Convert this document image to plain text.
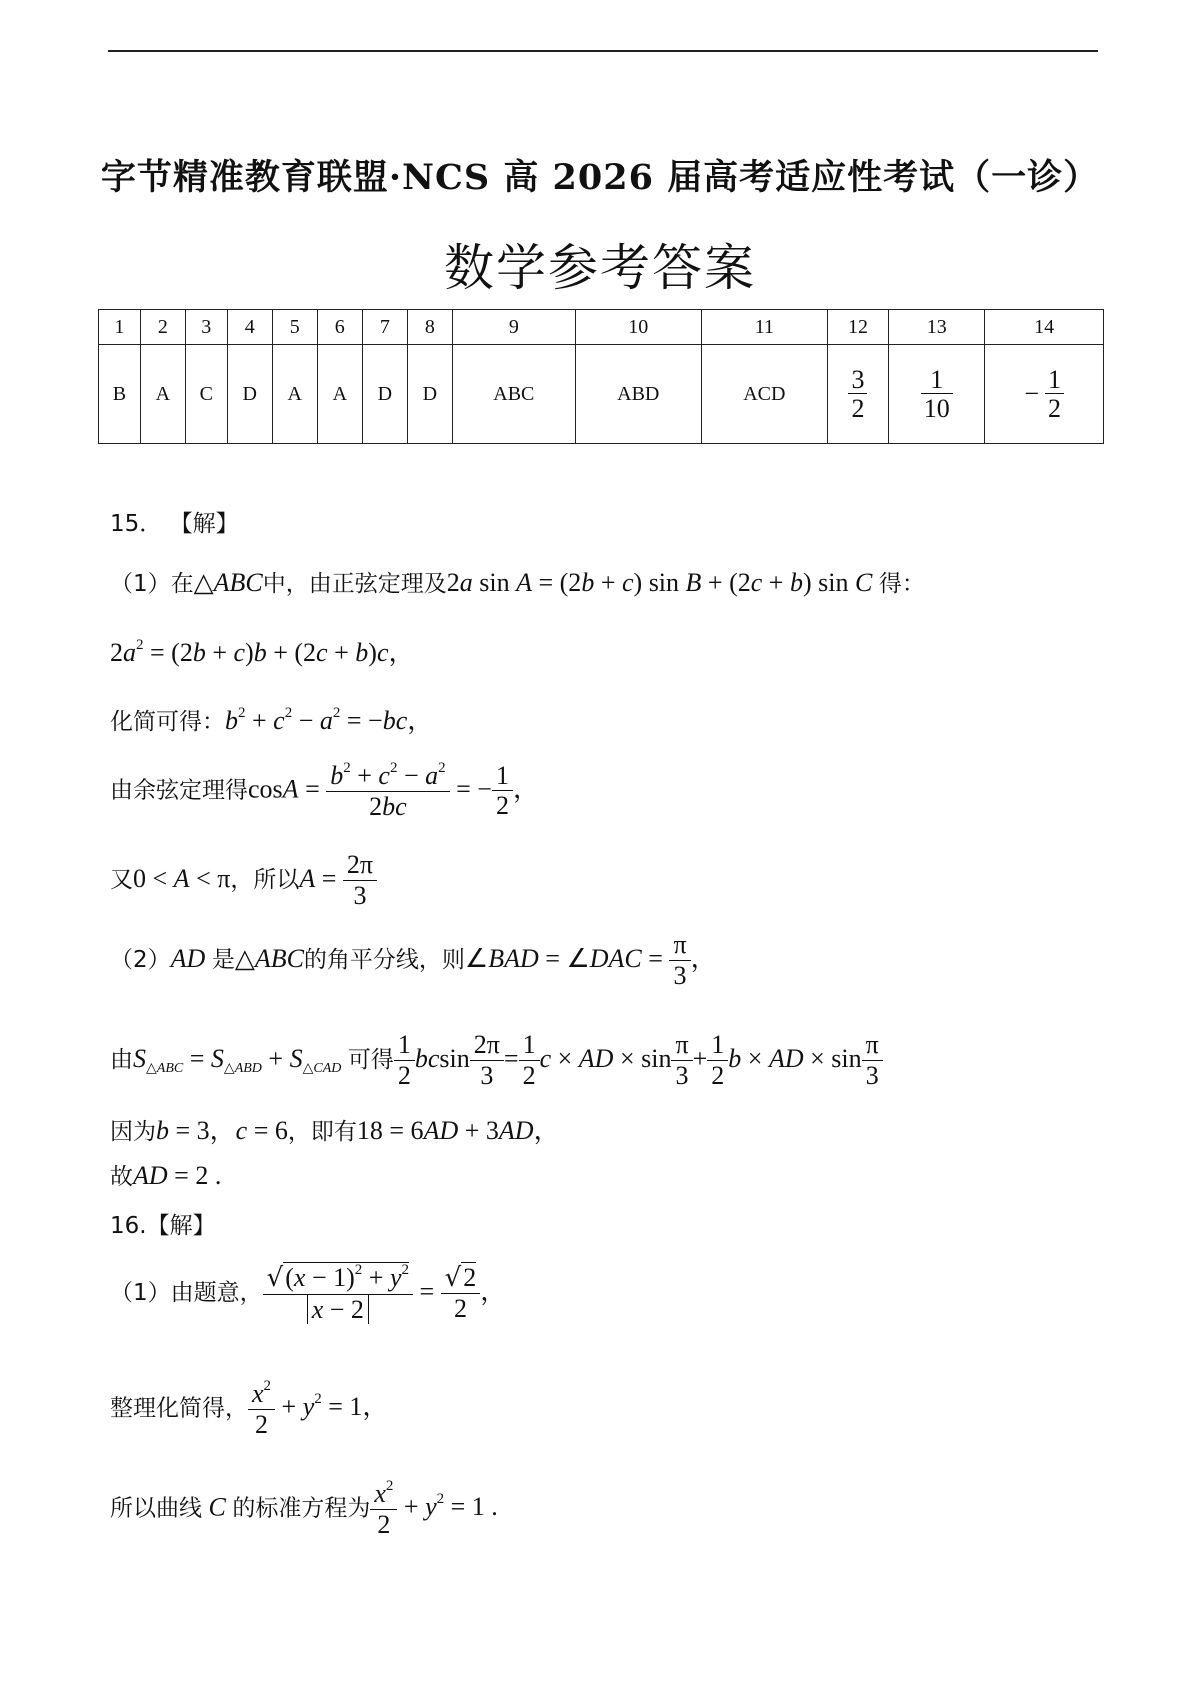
字节精准教育联盟·NCS 高 2026 届高考适应性考试（一诊）
数学参考答案
1	2	3	4	5	6	7	8	9	10	11	12	13	14
B	A	C	D	A	A	D	D	ABC	ABD	ACD	$\frac{3}{2}$	$\frac{1}{10}$	− $\frac{1}{2}$
15． 【解】
（1）在△ABC中，由正弦定理及2a sin A = (2b + c) sin B + (2c + b) sin C 得：
$2a^2 = (2b + c)b + (2c + b)c$，
化简可得：$b^2 + c^2 - a^2 = -bc$，
由余弦定理得$\cos A = \frac{b^2 + c^2 - a^2}{2bc}$ = − $\frac{1}{2}$ ，
又0 < A < π，所以$A = \frac{2\pi}{3}$
（2）AD 是△ABC的角平分线，则∠BAD = ∠DAC = $\frac{\pi}{3}$ ，
由$S_{\triangle ABC} = S_{\triangle ABD} + S_{\triangle CAD}$ 可得 $\frac{1}{2}$ bcsin $\frac{2\pi}{3} = \frac{1}{2}$ c × AD × $\sin \frac{\pi}{3} + \frac{1}{2}$ b × AD × $\sin \frac{\pi}{3}$
因为b = 3，c = 6，即有18 = 6AD + 3AD，
故AD = 2 .
16.【解】
（1）由题意， $\frac{√(x - 1)^2 + y^2}{x - 2} = \frac{√2}{2}$ ，
整理化简得， $\frac{x^2}{2} + y^2 = 1$，
所以曲线 C 的标准方程为 $\frac{x^2}{2} + y^2 = 1$ .
